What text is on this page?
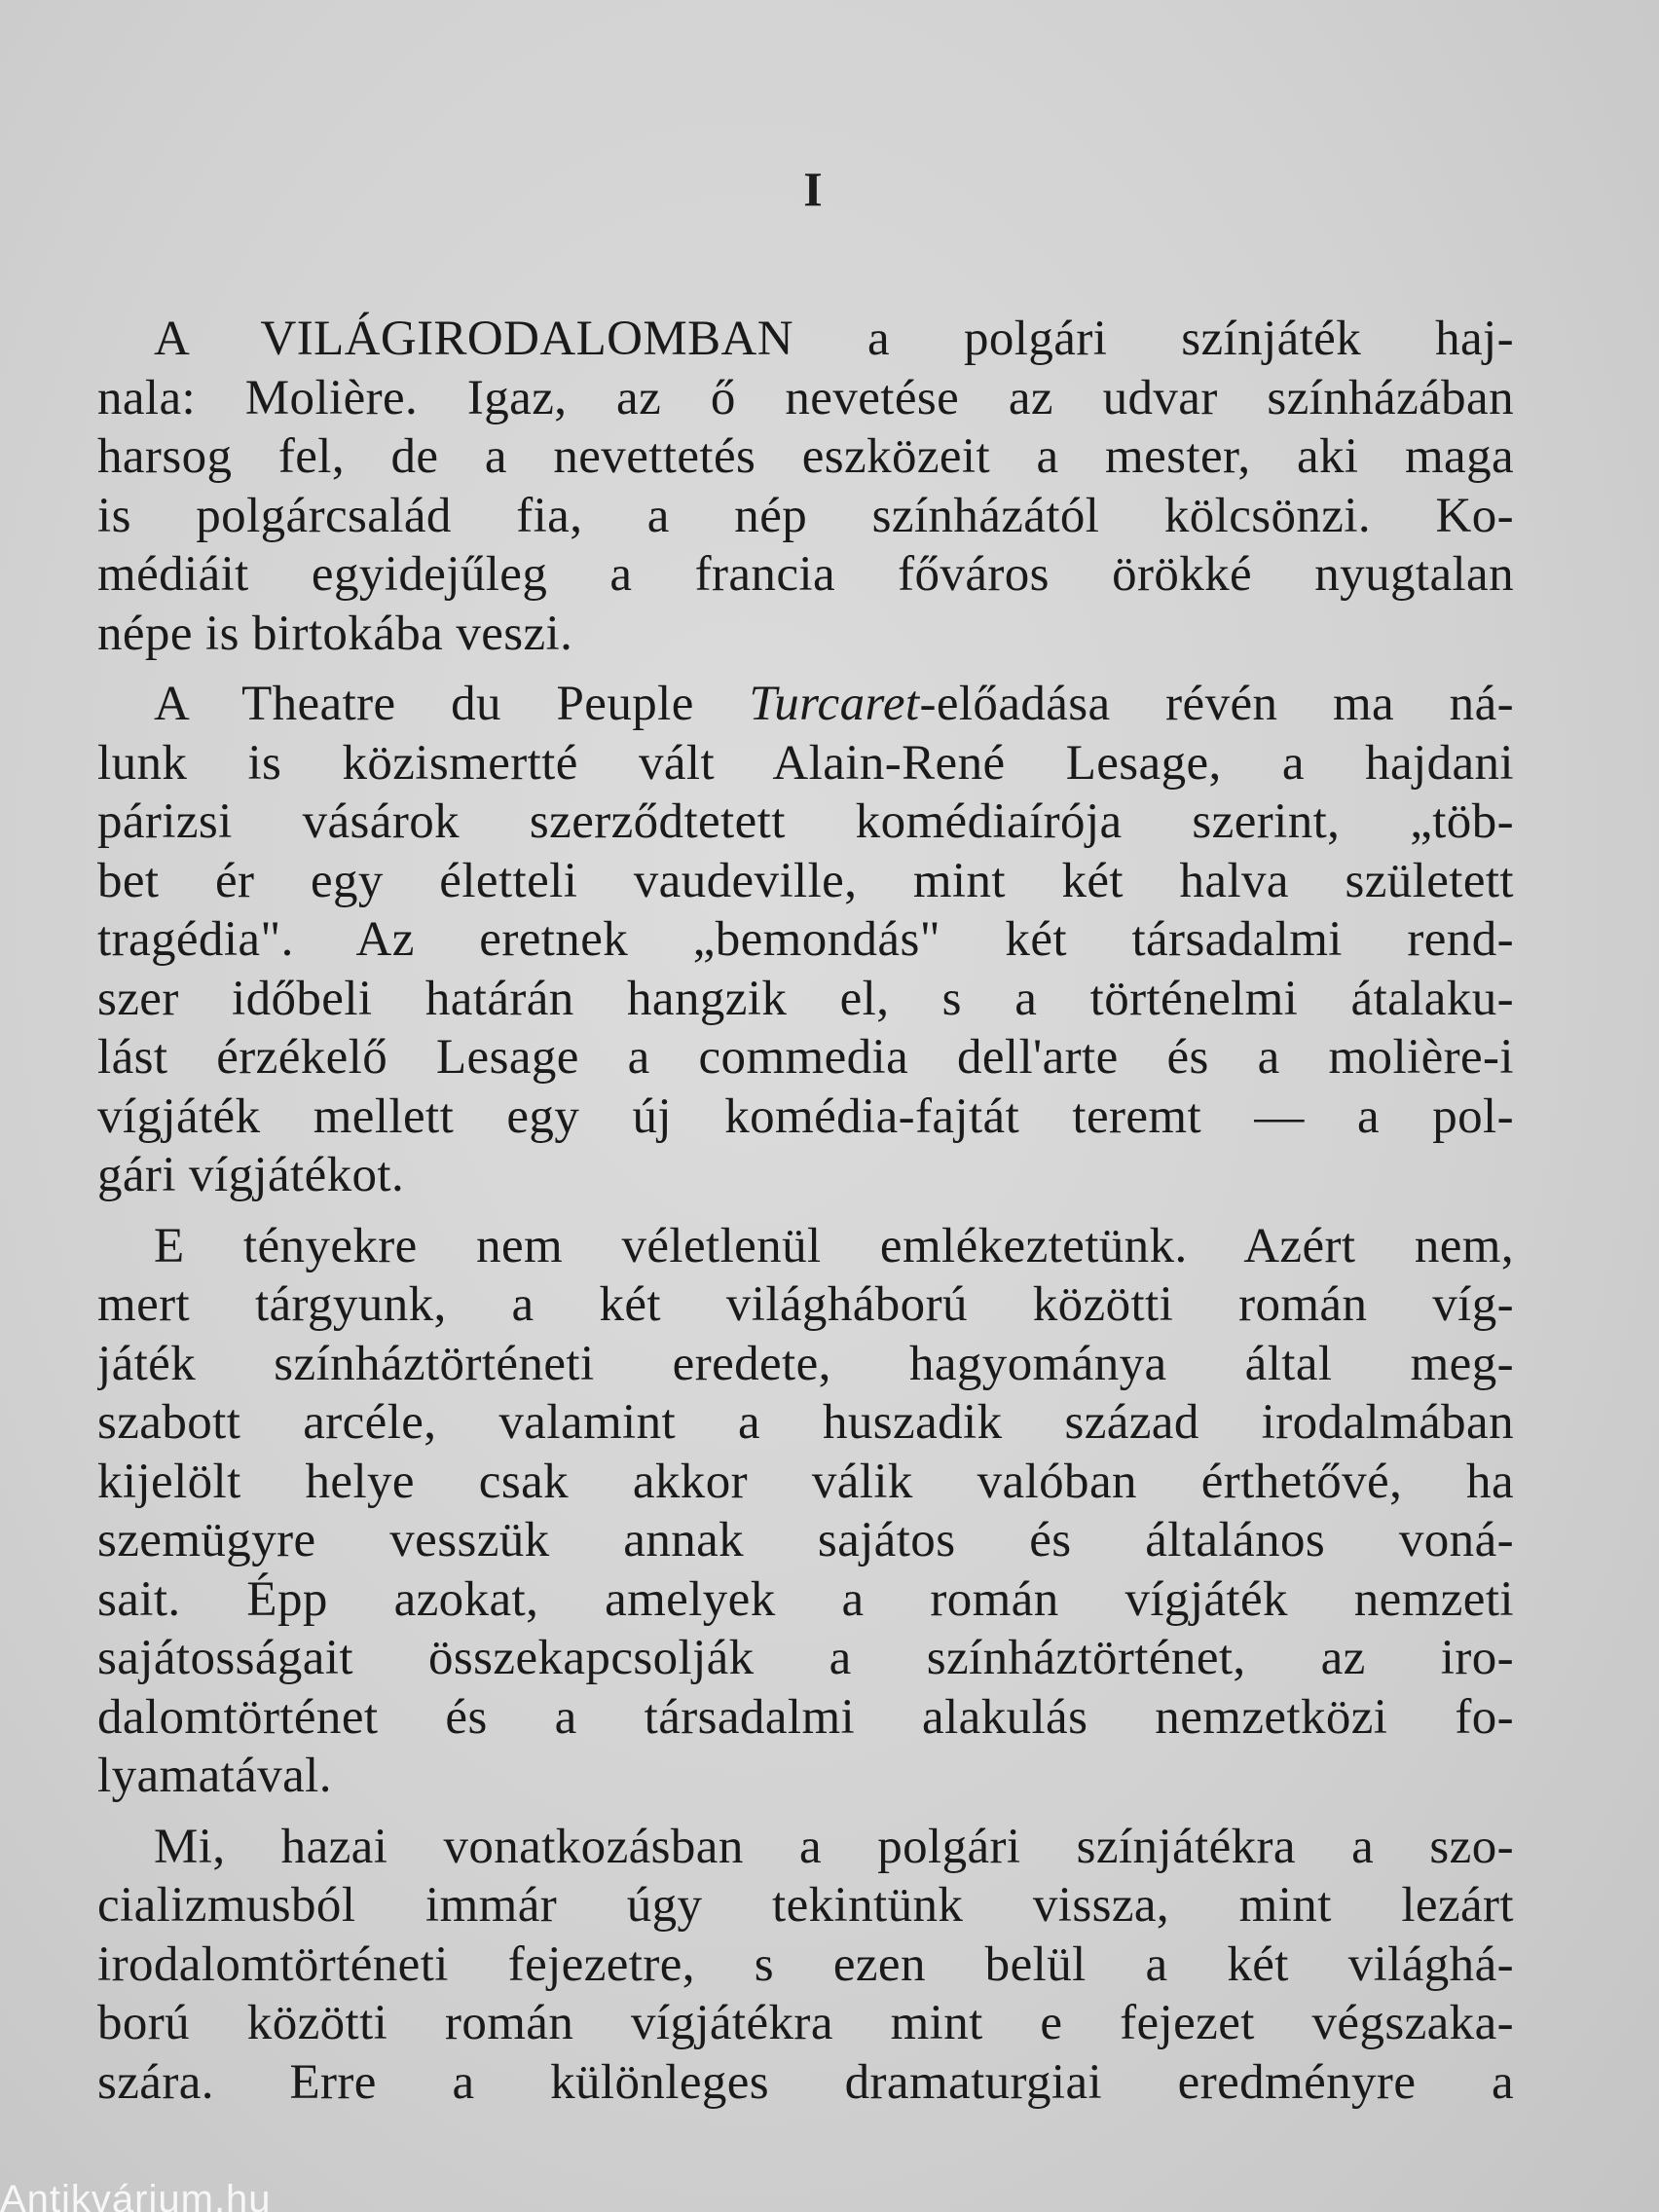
I
A VILÁGIRODALOMBAN a polgári színjáték haj-
nala: Molière. Igaz, az ő nevetése az udvar színházában
harsog fel, de a nevettetés eszközeit a mester, aki maga
is polgárcsalád fia, a nép színházától kölcsönzi. Ko-
médiáit egyidejűleg a francia főváros örökké nyugtalan
népe is birtokába veszi.
A Theatre du Peuple Turcaret-előadása révén ma ná-
lunk is közismertté vált Alain-René Lesage, a hajdani
párizsi vásárok szerződtetett komédiaírója szerint, „töb-
bet ér egy életteli vaudeville, mint két halva született
tragédia". Az eretnek „bemondás" két társadalmi rend-
szer időbeli határán hangzik el, s a történelmi átalaku-
lást érzékelő Lesage a commedia dell'arte és a molière-i
vígjáték mellett egy új komédia-fajtát teremt — a pol-
gári vígjátékot.
E tényekre nem véletlenül emlékeztetünk. Azért nem,
mert tárgyunk, a két világháború közötti román víg-
játék színháztörténeti eredete, hagyománya által meg-
szabott arcéle, valamint a huszadik század irodalmában
kijelölt helye csak akkor válik valóban érthetővé, ha
szemügyre vesszük annak sajátos és általános voná-
sait. Épp azokat, amelyek a román vígjáték nemzeti
sajátosságait összekapcsolják a színháztörténet, az iro-
dalomtörténet és a társadalmi alakulás nemzetközi fo-
lyamatával.
Mi, hazai vonatkozásban a polgári színjátékra a szo-
cializmusból immár úgy tekintünk vissza, mint lezárt
irodalomtörténeti fejezetre, s ezen belül a két világhá-
ború közötti román vígjátékra mint e fejezet végszaka-
szára. Erre a különleges dramaturgiai eredményre a
Antikvárium.hu
